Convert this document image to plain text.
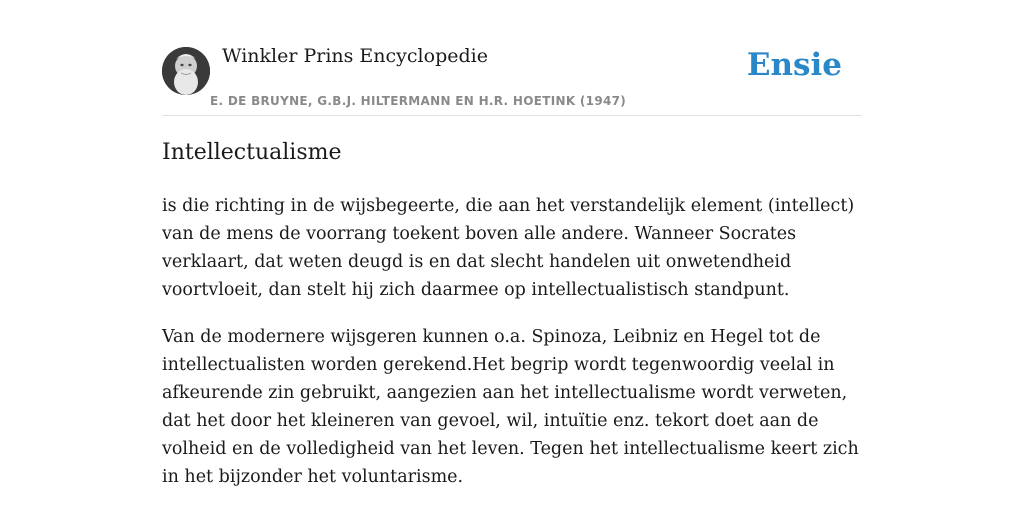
Winkler Prins Encyclopedie
E. DE BRUYNE, G.B.J. HILTERMANN EN H.R. HOETINK (1947)
Ensie
Intellectualisme

is die richting in de wijsbegeerte, die aan het verstandelijk element (intellect) van de mens de voorrang toekent boven alle andere. Wanneer Socrates verklaart, dat weten deugd is en dat slecht handelen uit onwetendheid voortvloeit, dan stelt hij zich daarmee op intellectualistisch standpunt.

Van de modernere wijsgeren kunnen o.a. Spinoza, Leibniz en Hegel tot de intellectualisten worden gerekend.Het begrip wordt tegenwoordig veelal in afkeurende zin gebruikt, aangezien aan het intellectualisme wordt verweten, dat het door het kleineren van gevoel, wil, intuïtie enz. tekort doet aan de volheid en de volledigheid van het leven. Tegen het intellectualisme keert zich in het bijzonder het voluntarisme.
